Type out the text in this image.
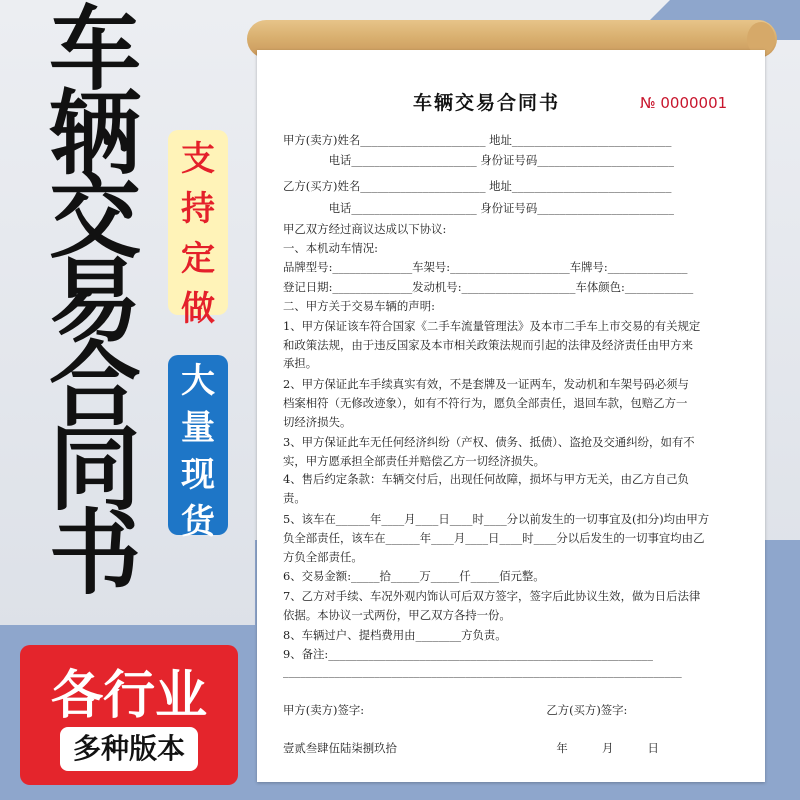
车
辆
交
易
合
同
书
支
持
定
做
大
量
现
货
各行业
多种版本
车辆交易合同书	№ 0000001
甲方(卖方)姓名______________________ 地址____________________________
　　　　电话______________________ 身份证号码________________________
乙方(买方)姓名______________________ 地址____________________________
　　　　电话______________________ 身份证号码________________________
甲乙双方经过商议达成以下协议:
一、本机动车情况:
品牌型号:______________车架号:_____________________车牌号:______________
登记日期:______________发动机号:____________________车体颜色:____________
二、甲方关于交易车辆的声明:
1、甲方保证该车符合国家《二手车流量管理法》及本市二手车上市交易的有关规定
和政策法规，由于违反国家及本市相关政策法规而引起的法律及经济责任由甲方来
承担。
2、甲方保证此车手续真实有效，不是套牌及一证两车，发动机和车架号码必须与
档案相符（无修改迹象），如有不符行为，愿负全部责任，退回车款，包赔乙方一
切经济损失。
3、甲方保证此车无任何经济纠纷（产权、债务、抵债）、盗抢及交通纠纷，如有不
实，甲方愿承担全部责任并赔偿乙方一切经济损失。
4、售后约定条款：车辆交付后，出现任何故障，损坏与甲方无关，由乙方自己负
责。
5、该车在______年____月____日____时____分以前发生的一切事宜及(扣分)均由甲方
负全部责任，该车在______年____月____日____时____分以后发生的一切事宜均由乙
方负全部责任。
6、交易金额:_____拾_____万_____仟_____佰元整。
7、乙方对手续、车况外观内饰认可后双方签字，签字后此协议生效，做为日后法律
依据。本协议一式两份，甲乙双方各持一份。
8、车辆过户、提档费用由________方负责。
9、备注:_________________________________________________________
______________________________________________________________________
甲方(卖方)签字:　　　　　　　　　　　　　　　　乙方(买方)签字:
壹贰叁肆伍陆柒捌玖拾　　　　　　　　　　　　　　年　　　月　　　日
